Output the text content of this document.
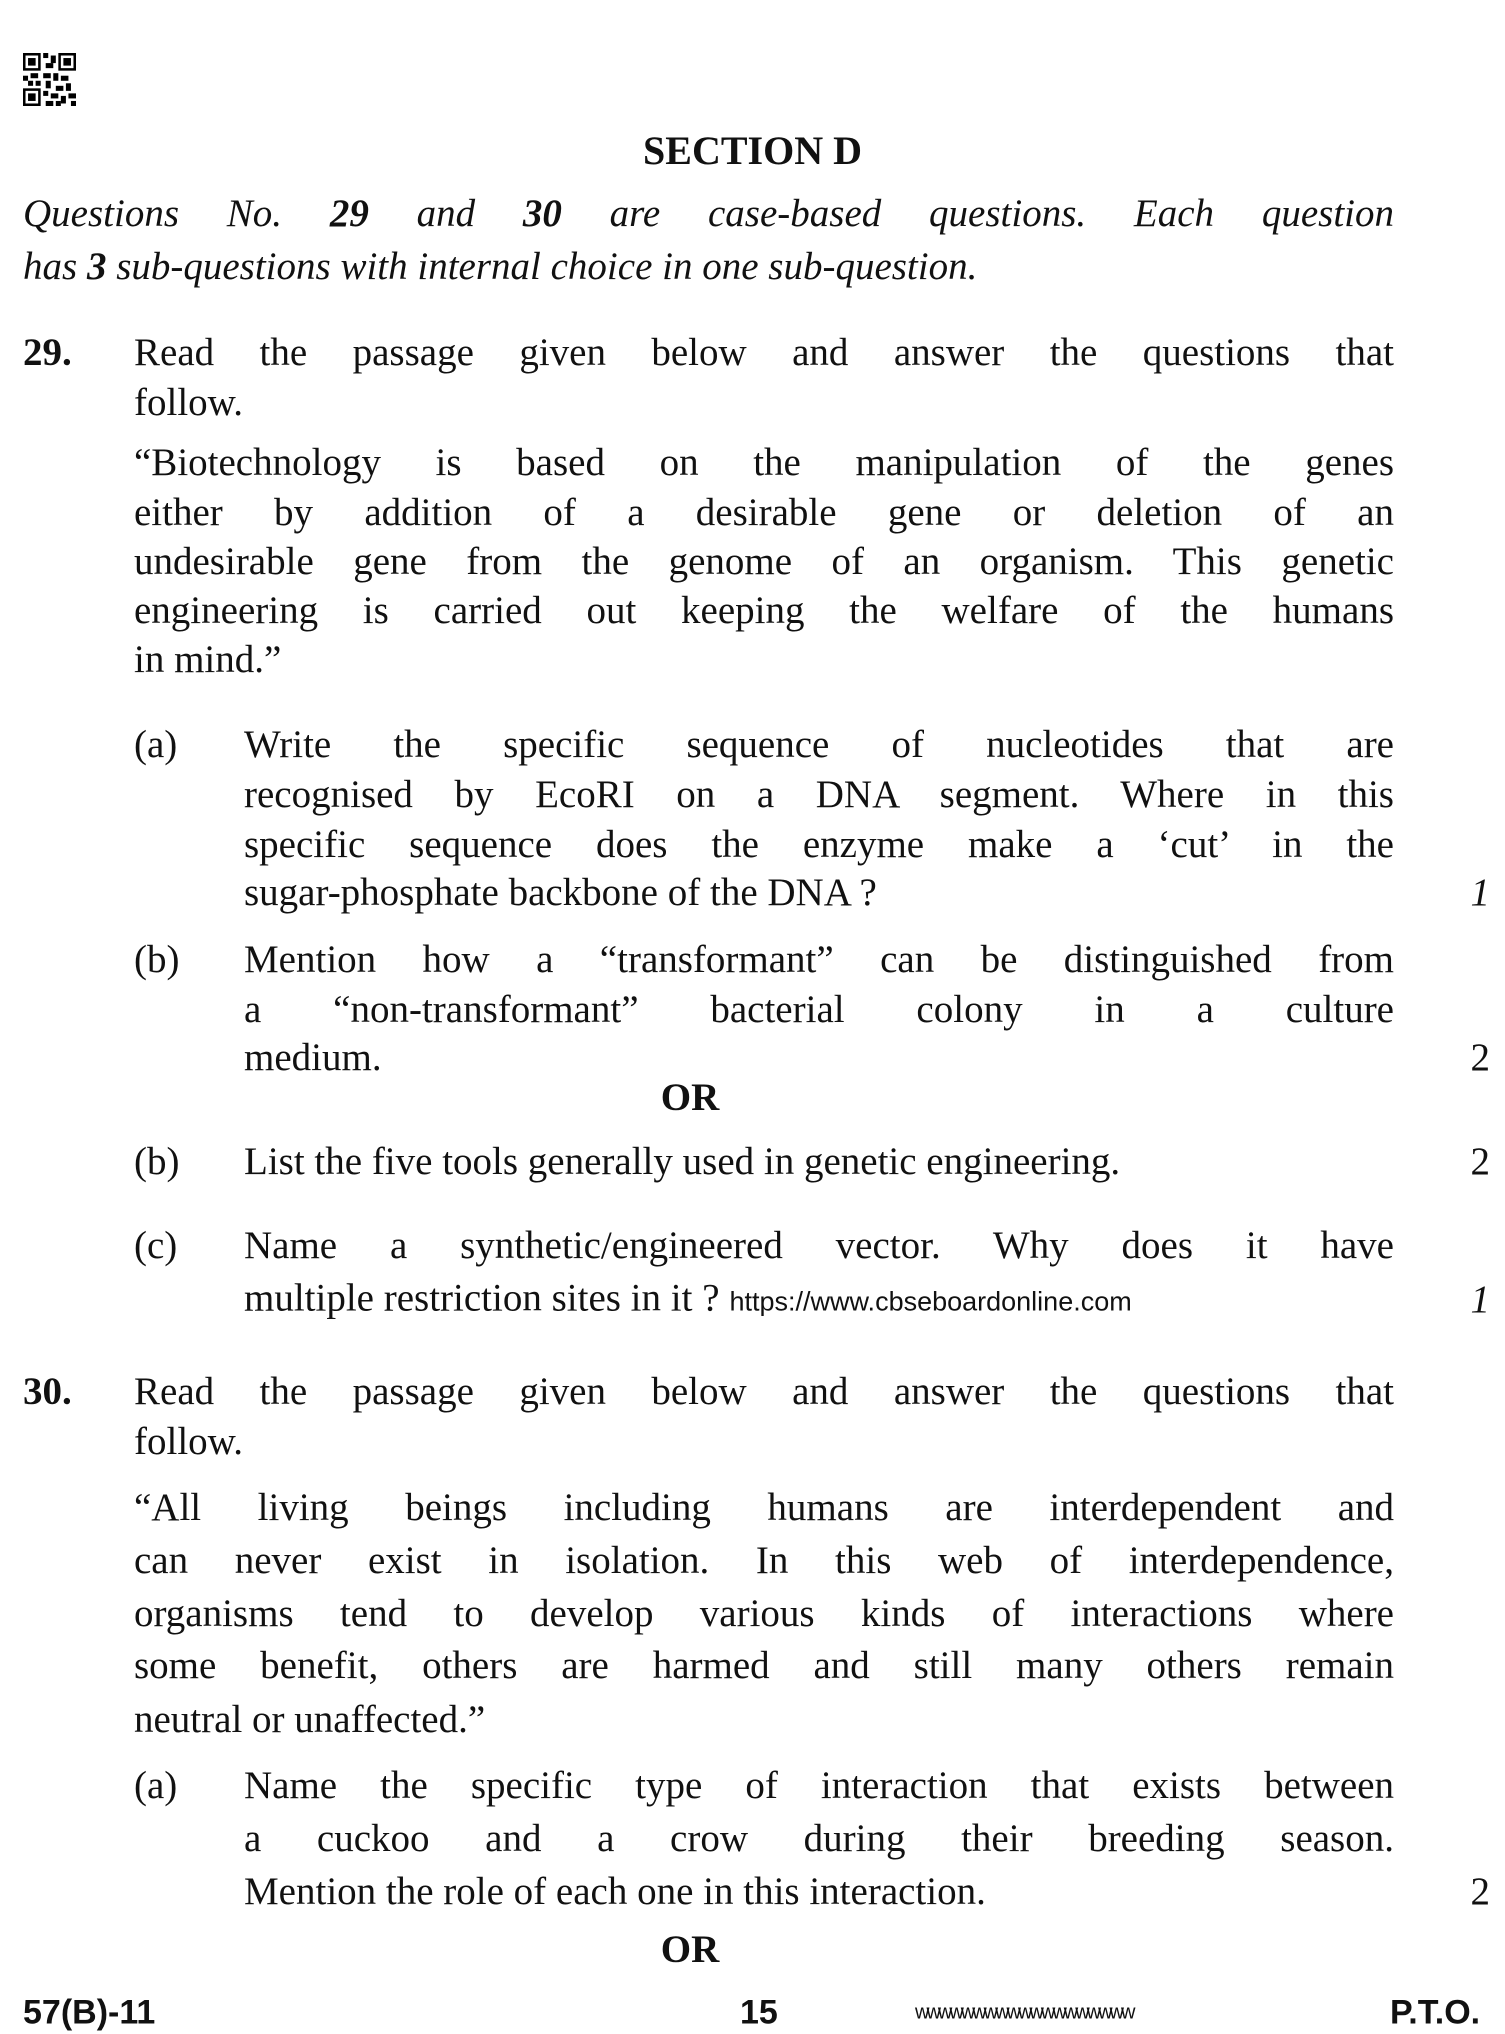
SECTION D
Questions No. 29 and 30 are case-based questions. Each question
has 3 sub-questions with internal choice in one sub-question.
29. Read the passage given below and answer the questions that
follow.
“Biotechnology is based on the manipulation of the genes
either by addition of a desirable gene or deletion of an
undesirable gene from the genome of an organism. This genetic
engineering is carried out keeping the welfare of the humans
in mind.”
(a) Write the specific sequence of nucleotides that are
recognised by EcoRI on a DNA segment. Where in this
specific sequence does the enzyme make a ‘cut’ in the
sugar-phosphate backbone of the DNA ?	1
(b) Mention how a “transformant” can be distinguished from
a “non-transformant” bacterial colony in a culture
medium.	2
OR
(b) List the five tools generally used in genetic engineering.	2
(c) Name a synthetic/engineered vector. Why does it have
multiple restriction sites in it ? https://www.cbseboardonline.com	1
30. Read the passage given below and answer the questions that
follow.
“All living beings including humans are interdependent and
can never exist in isolation. In this web of interdependence,
organisms tend to develop various kinds of interactions where
some benefit, others are harmed and still many others remain
neutral or unaffected.”
(a) Name the specific type of interaction that exists between
a cuckoo and a crow during their breeding season.
Mention the role of each one in this interaction.	2
OR
57(B)-11	15	wwwwwwwwwwwwwwwwwww	P.T.O.
